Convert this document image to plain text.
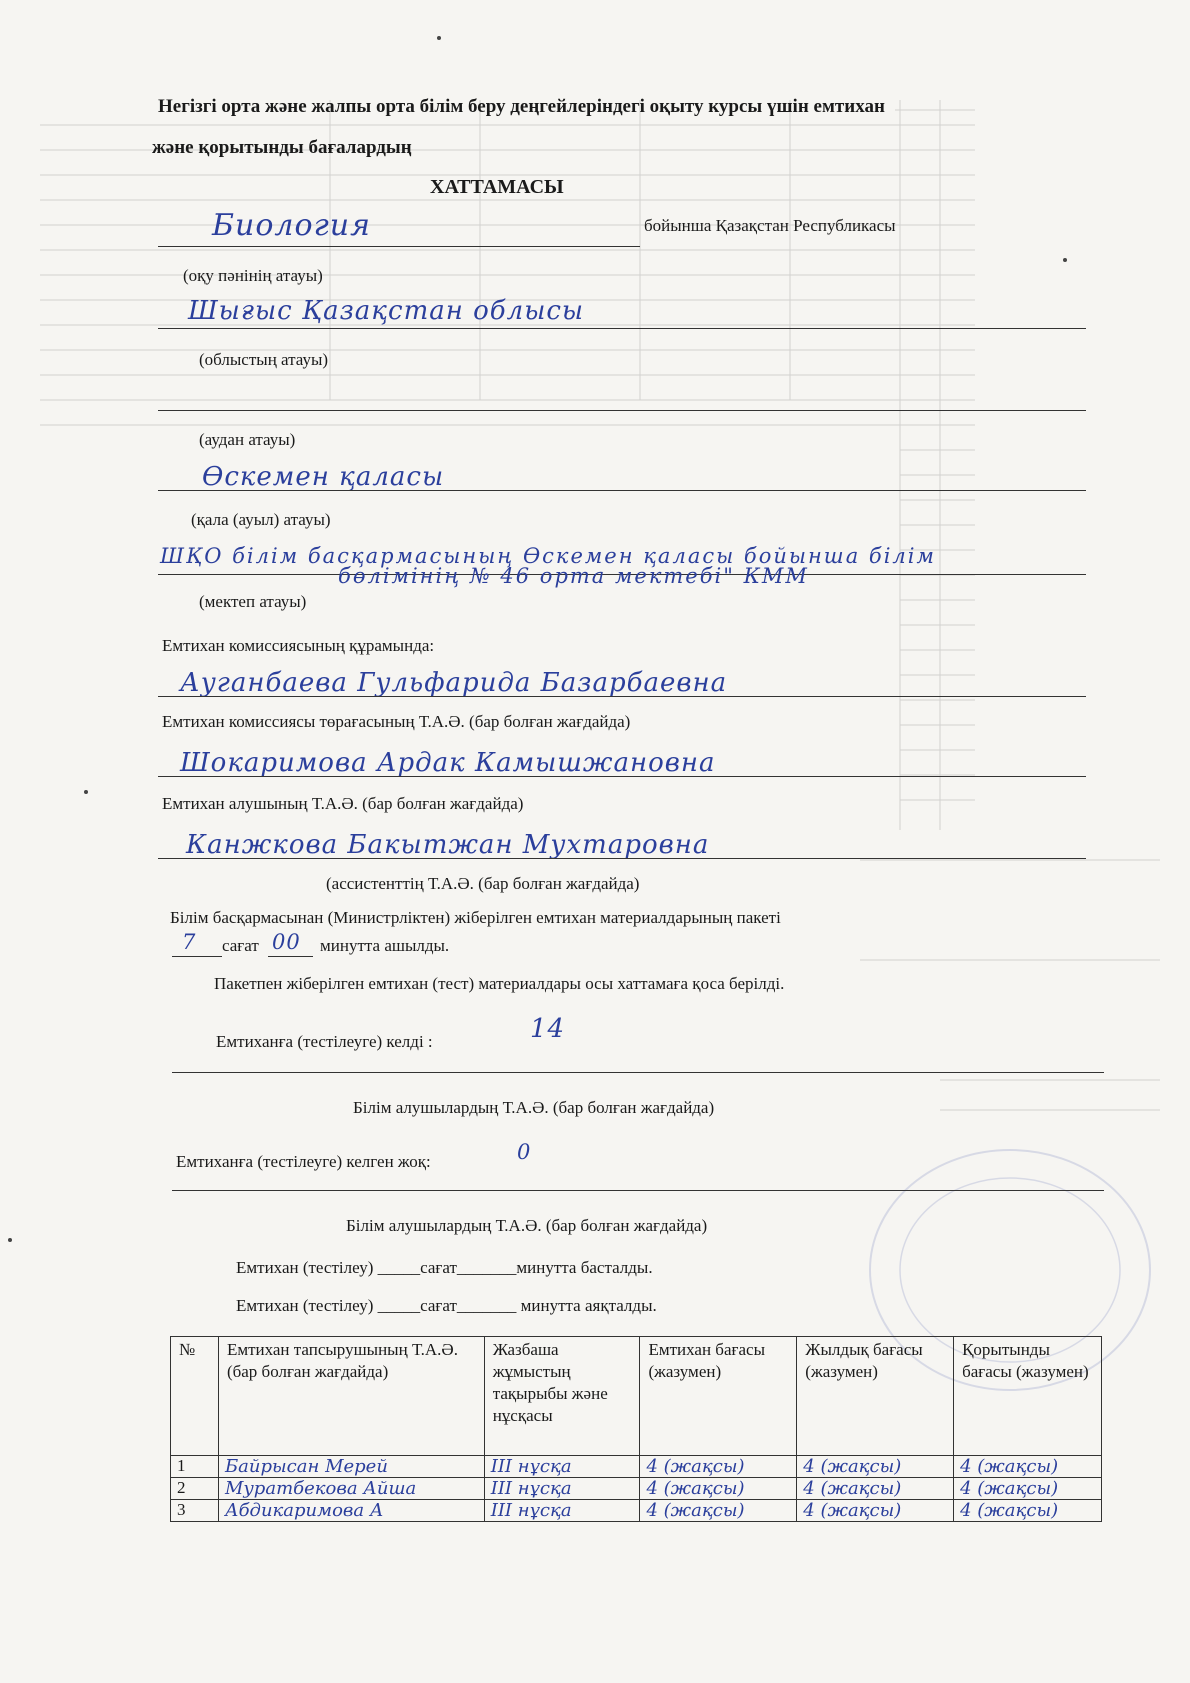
Негізгі орта және жалпы орта білім беру деңгейлеріндегі оқыту курсы үшін емтихан
және қорытынды бағалардың
ХАТТАМАСЫ
Биология	бойынша Қазақстан Республикасы
(оқу пәнінің атауы)
Шығыс Қазақстан облысы
(облыстың атауы)
(аудан атауы)
Өскемен қаласы
(қала (ауыл) атауы)
ШҚО білім басқармасының Өскемен қаласы бойынша білім
бөлімінің № 46 орта мектебі" КММ
(мектеп атауы)
Емтихан комиссиясының құрамында:
Ауганбаева Гульфарида Базарбаевна
Емтихан комиссиясы төрағасының Т.А.Ә. (бар болған жағдайда)
Шокаримова Ардак Камышжановна
Емтихан алушының Т.А.Ә. (бар болған жағдайда)
Канжкова Бакытжан Мухтаровна
(ассистенттің Т.А.Ә. (бар болған жағдайда)
Білім басқармасынан (Министрліктен) жіберілген емтихан материалдарының пакеті
7 сағат 00 минутта ашылды.
Пакетпен жіберілген емтихан (тест) материалдары осы хаттамаға қоса берілді.
Емтиханға (тестілеуге) келді :	14
Білім алушылардың Т.А.Ә. (бар болған жағдайда)
Емтиханға (тестілеуге) келген жоқ:	0
Білім алушылардың Т.А.Ә. (бар болған жағдайда)
Емтихан (тестілеу) _____сағат_______минутта басталды.
Емтихан (тестілеу) _____сағат_______ минутта аяқталды.
№	Емтихан тапсырушының Т.А.Ә. (бар болған жағдайда)	Жазбаша жұмыстың тақырыбы және нұсқасы	Емтихан бағасы (жазумен)	Жылдық бағасы (жазумен)	Қорытынды бағасы (жазумен)
1	Байрысан Мерей	III нұсқа	4 (жақсы)	4 (жақсы)	4 (жақсы)
2	Муратбекова Айша	III нұсқа	4 (жақсы)	4 (жақсы)	4 (жақсы)
3	Абдикаримова А	III нұсқа	4 (жақсы)	4 (жақсы)	4 (жақсы)
